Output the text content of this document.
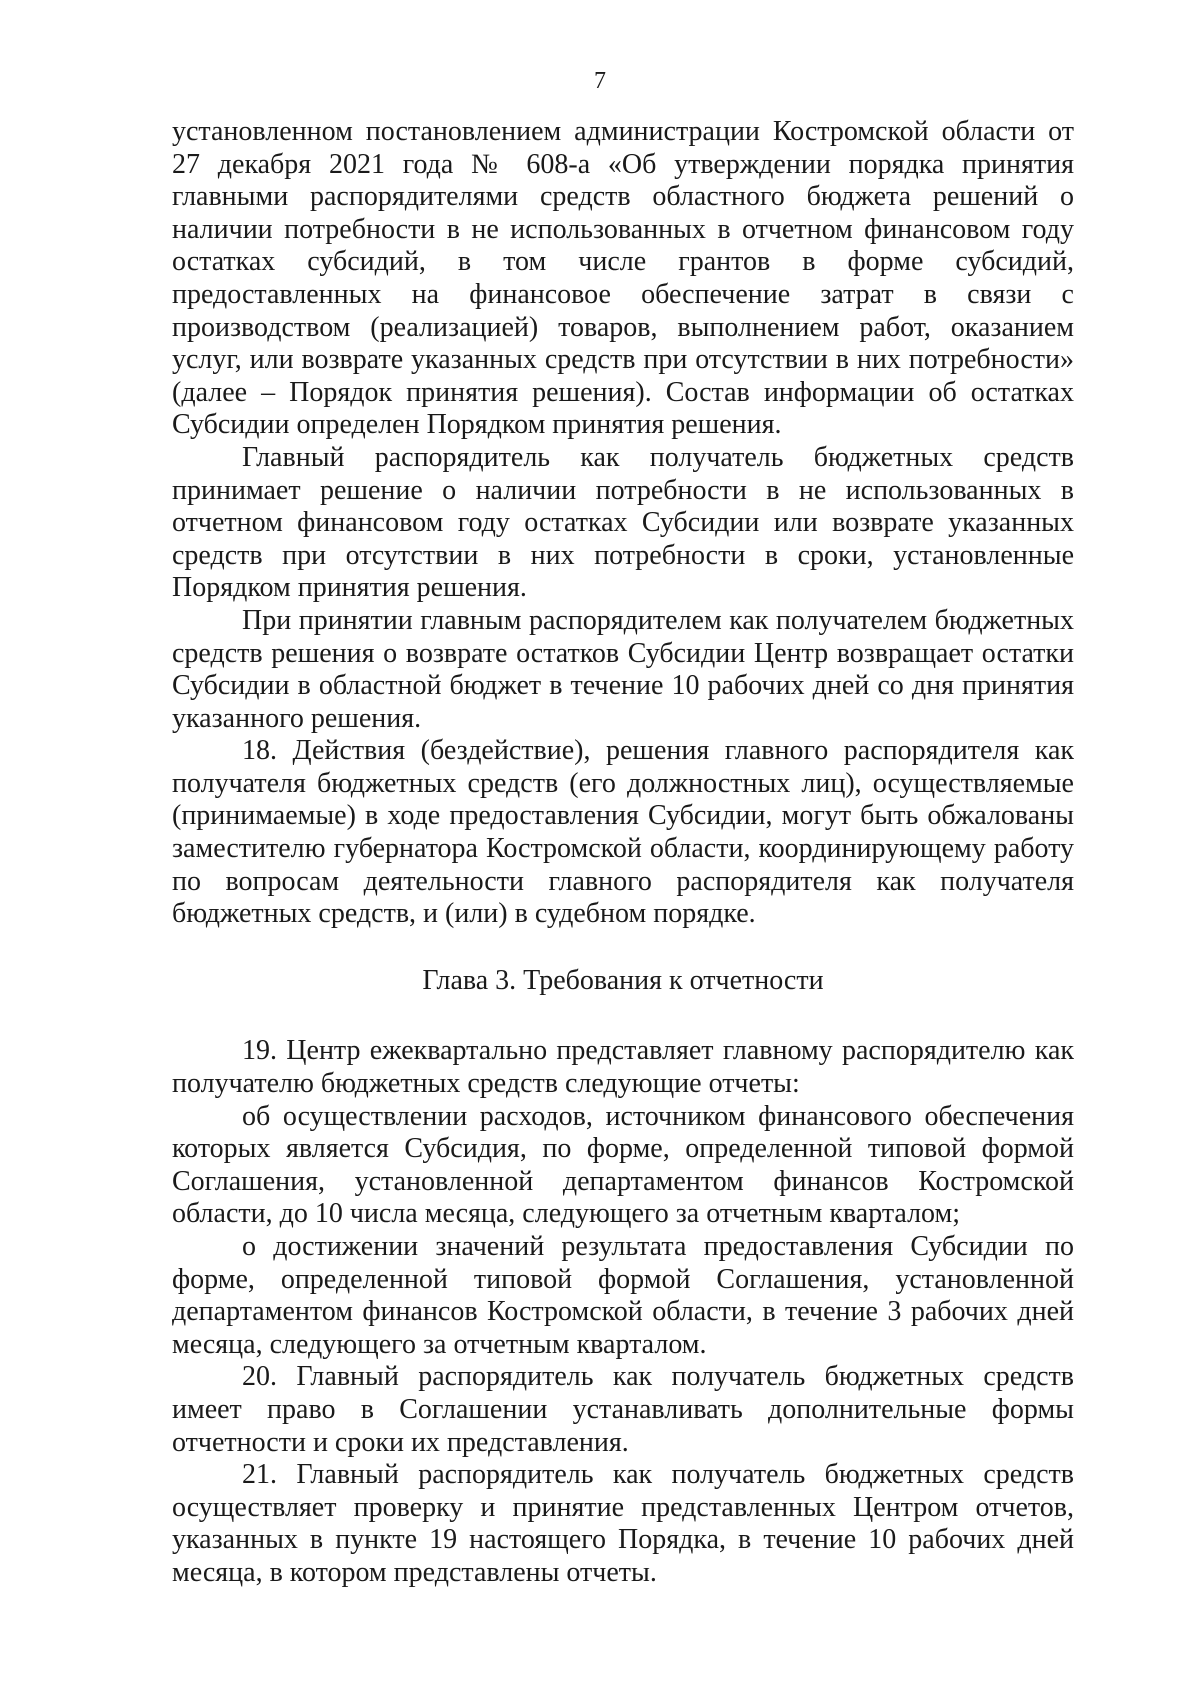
7

установленном постановлением администрации Костромской области от 27 декабря 2021 года № 608-а «Об утверждении порядка принятия главными распорядителями средств областного бюджета решений о наличии потребности в не использованных в отчетном финансовом году остатках субсидий, в том числе грантов в форме субсидий, предоставленных на финансовое обеспечение затрат в связи с производством (реализацией) товаров, выполнением работ, оказанием услуг, или возврате указанных средств при отсутствии в них потребности» (далее – Порядок принятия решения). Состав информации об остатках Субсидии определен Порядком принятия решения.

Главный распорядитель как получатель бюджетных средств принимает решение о наличии потребности в не использованных в отчетном финансовом году остатках Субсидии или возврате указанных средств при отсутствии в них потребности в сроки, установленные Порядком принятия решения.

При принятии главным распорядителем как получателем бюджетных средств решения о возврате остатков Субсидии Центр возвращает остатки Субсидии в областной бюджет в течение 10 рабочих дней со дня принятия указанного решения.

18. Действия (бездействие), решения главного распорядителя как получателя бюджетных средств (его должностных лиц), осуществляемые (принимаемые) в ходе предоставления Субсидии, могут быть обжалованы заместителю губернатора Костромской области, координирующему работу по вопросам деятельности главного распорядителя как получателя бюджетных средств, и (или) в судебном порядке.

Глава 3. Требования к отчетности

19. Центр ежеквартально представляет главному распорядителю как получателю бюджетных средств следующие отчеты:

об осуществлении расходов, источником финансового обеспечения которых является Субсидия, по форме, определенной типовой формой Соглашения, установленной департаментом финансов Костромской области, до 10 числа месяца, следующего за отчетным кварталом;

о достижении значений результата предоставления Субсидии по форме, определенной типовой формой Соглашения, установленной департаментом финансов Костромской области, в течение 3 рабочих дней месяца, следующего за отчетным кварталом.

20. Главный распорядитель как получатель бюджетных средств имеет право в Соглашении устанавливать дополнительные формы отчетности и сроки их представления.

21. Главный распорядитель как получатель бюджетных средств осуществляет проверку и принятие представленных Центром отчетов, указанных в пункте 19 настоящего Порядка, в течение 10 рабочих дней месяца, в котором представлены отчеты.
